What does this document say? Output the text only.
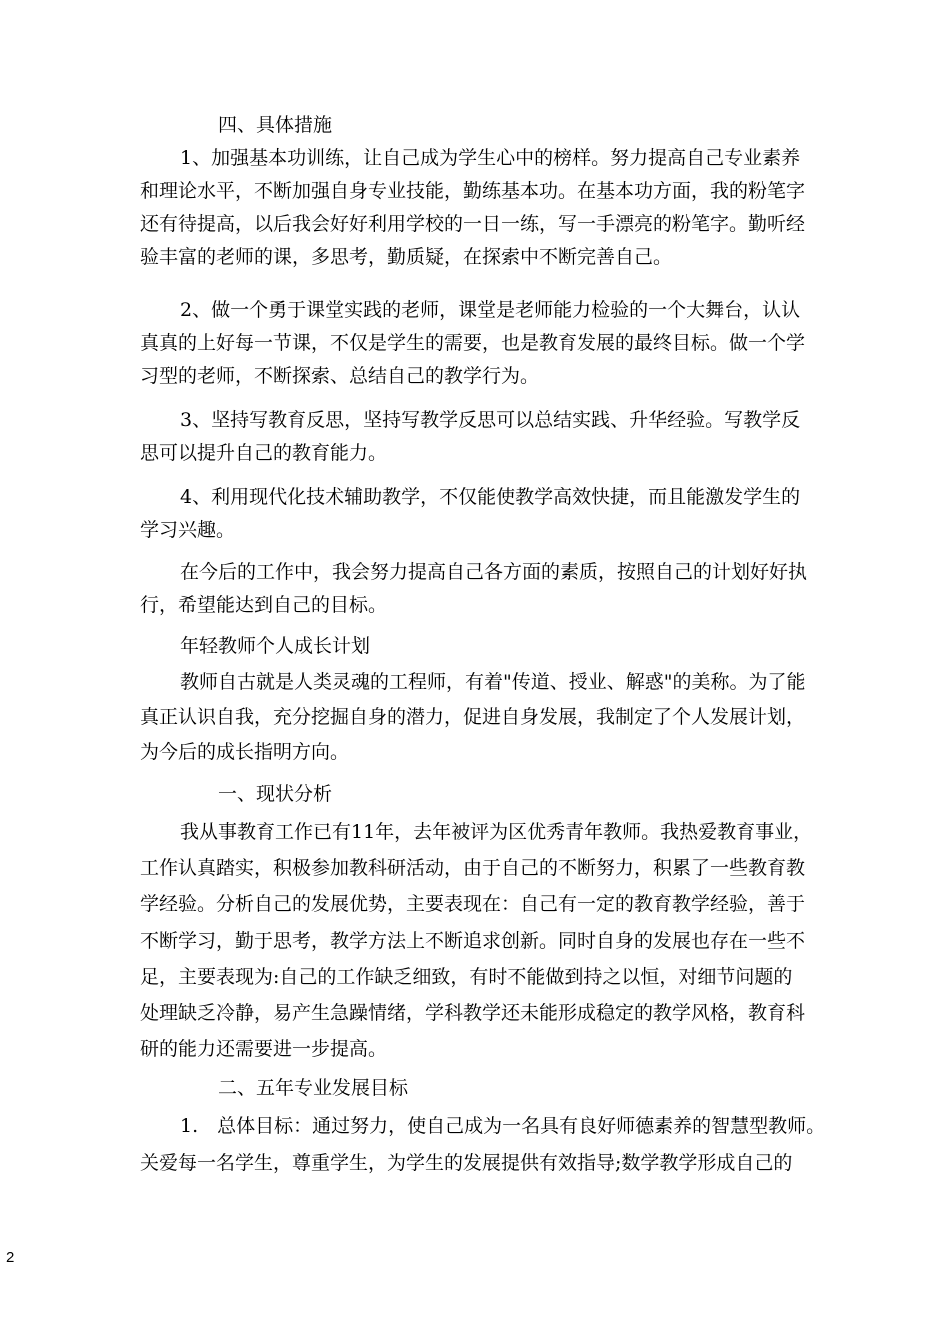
四、具体措施
1、加强基本功训练，让自己成为学生心中的榜样。努力提高自己专业素养
和理论水平，不断加强自身专业技能，勤练基本功。在基本功方面，我的粉笔字
还有待提高，以后我会好好利用学校的一日一练，写一手漂亮的粉笔字。勤听经
验丰富的老师的课，多思考，勤质疑，在探索中不断完善自己。
2、做一个勇于课堂实践的老师，课堂是老师能力检验的一个大舞台，认认
真真的上好每一节课，不仅是学生的需要，也是教育发展的最终目标。做一个学
习型的老师，不断探索、总结自己的教学行为。
3、坚持写教育反思，坚持写教学反思可以总结实践、升华经验。写教学反
思可以提升自己的教育能力。
4、利用现代化技术辅助教学，不仅能使教学高效快捷，而且能激发学生的
学习兴趣。
在今后的工作中，我会努力提高自己各方面的素质，按照自己的计划好好执
行，希望能达到自己的目标。
年轻教师个人成长计划
教师自古就是人类灵魂的工程师，有着"传道、授业、解惑"的美称。为了能
真正认识自我，充分挖掘自身的潜力，促进自身发展，我制定了个人发展计划，
为今后的成长指明方向。
一、现状分析
我从事教育工作已有11年，去年被评为区优秀青年教师。我热爱教育事业，
工作认真踏实，积极参加教科研活动，由于自己的不断努力，积累了一些教育教
学经验。分析自己的发展优势，主要表现在：自己有一定的教育教学经验，善于
不断学习，勤于思考，教学方法上不断追求创新。同时自身的发展也存在一些不
足，主要表现为:自己的工作缺乏细致，有时不能做到持之以恒，对细节问题的
处理缺乏冷静，易产生急躁情绪，学科教学还未能形成稳定的教学风格，教育科
研的能力还需要进一步提高。
二、五年专业发展目标
1.　总体目标：通过努力，使自己成为一名具有良好师德素养的智慧型教师。
关爱每一名学生，尊重学生，为学生的发展提供有效指导;数学教学形成自己的
2
